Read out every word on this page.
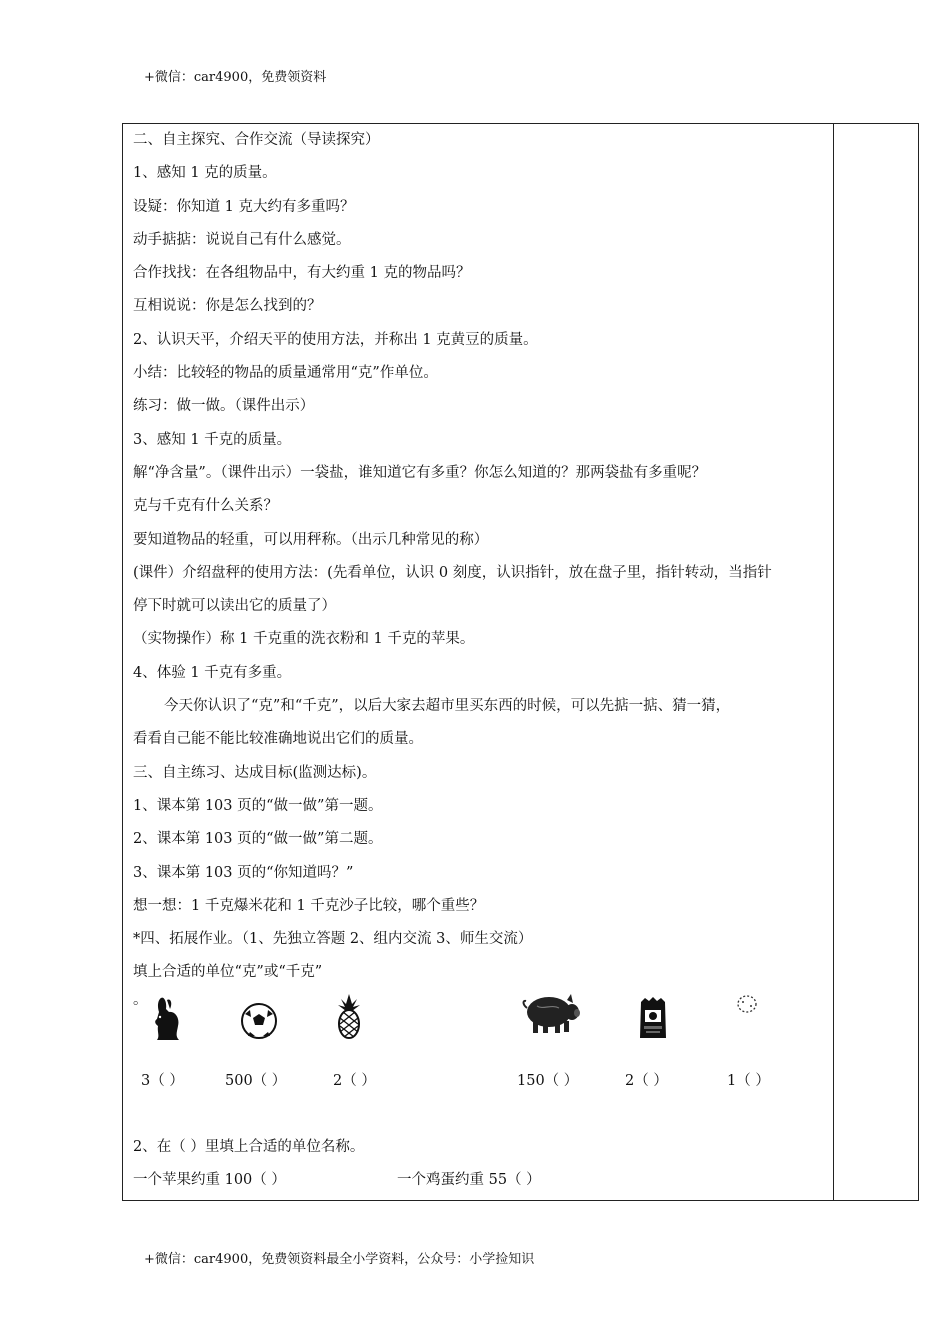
+微信：car4900，免费领资料
二、自主探究、合作交流（导读探究）
1、感知 1 克的质量。
设疑：你知道 1 克大约有多重吗？
动手掂掂：说说自己有什么感觉。
合作找找：在各组物品中，有大约重 1 克的物品吗？
互相说说：你是怎么找到的？
2、认识天平，介绍天平的使用方法，并称出 1 克黄豆的质量。
小结：比较轻的物品的质量通常用“克”作单位。
练习：做一做。（课件出示）
3、感知 1 千克的质量。
解“净含量”。（课件出示）一袋盐，谁知道它有多重？你怎么知道的？那两袋盐有多重呢？
克与千克有什么关系？
要知道物品的轻重，可以用秤称。（出示几种常见的称）
(课件）介绍盘秤的使用方法：(先看单位，认识 0 刻度，认识指针，放在盘子里，指针转动，当指针
停下时就可以读出它的质量了）
（实物操作）称 1 千克重的洗衣粉和 1 千克的苹果。
4、体验 1 千克有多重。
今天你认识了“克”和“千克”，以后大家去超市里买东西的时候，可以先掂一掂、猜一猜，
看看自己能不能比较准确地说出它们的质量。
三、自主练习、达成目标(监测达标)。
1、课本第 103 页的“做一做”第一题。
2、课本第 103 页的“做一做”第二题。
3、课本第 103 页的“你知道吗？”
想一想：1 千克爆米花和 1 千克沙子比较，哪个重些？
*四、拓展作业。（1、先独立答题 2、组内交流 3、师生交流）
填上合适的单位“克”或“千克”
。
3（ ）	500（ ）	2（ ）	150（ ）	2（ ）	1（ ）
2、在（ ）里填上合适的单位名称。
一个苹果约重 100（ ）	一个鸡蛋约重 55（ ）
+微信：car4900，免费领资料最全小学资料，公众号：小学捡知识
